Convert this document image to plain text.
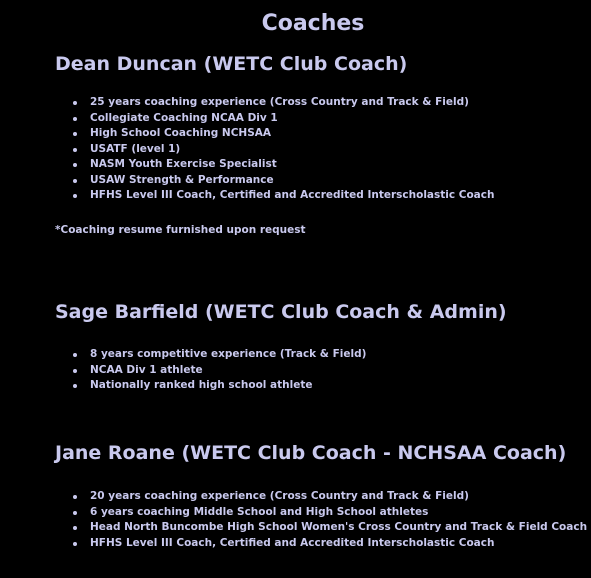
Coaches
Dean Duncan (WETC Club Coach)
25 years coaching experience (Cross Country and Track & Field)
Collegiate Coaching NCAA Div 1
High School Coaching NCHSAA
USATF (level 1)
NASM Youth Exercise Specialist
USAW Strength & Performance
HFHS Level III Coach, Certified and Accredited Interscholastic Coach

*Coaching resume furnished upon request

Sage Barfield (WETC Club Coach & Admin)
8 years competitive experience (Track & Field)
NCAA Div 1 athlete
Nationally ranked high school athlete
Jane Roane (WETC Club Coach - NCHSAA Coach)
20 years coaching experience (Cross Country and Track & Field)
6 years coaching Middle School and High School athletes
Head North Buncombe High School Women's Cross Country and Track & Field Coach
HFHS Level III Coach, Certified and Accredited Interscholastic Coach
